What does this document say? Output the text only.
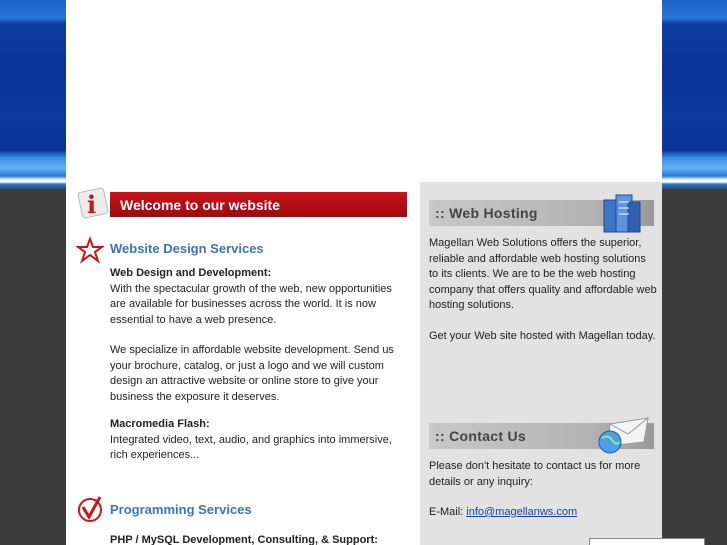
i	Welcome to our website
Website Design Services
Web Design and Development:
With the spectacular growth of the web, new opportunities are available for businesses across the world. It is now essential to have a web presence.
We specialize in affordable website development. Send us your brochure, catalog, or just a logo and we will custom design an attractive website or online store to give your business the exposure it deserves.
Macromedia Flash:
Integrated video, text, audio, and graphics into immersive, rich experiences...
Programming Services
PHP / MySQL Development, Consulting, & Support:
:: Web Hosting
Magellan Web Solutions offers the superior, reliable and affordable web hosting solutions to its clients. We are to be the web hosting company that offers quality and affordable web hosting solutions.
Get your Web site hosted with Magellan today.
:: Contact Us
Please don't hesitate to contact us for more details or any inquiry:
E-Mail: info@magellanws.com
